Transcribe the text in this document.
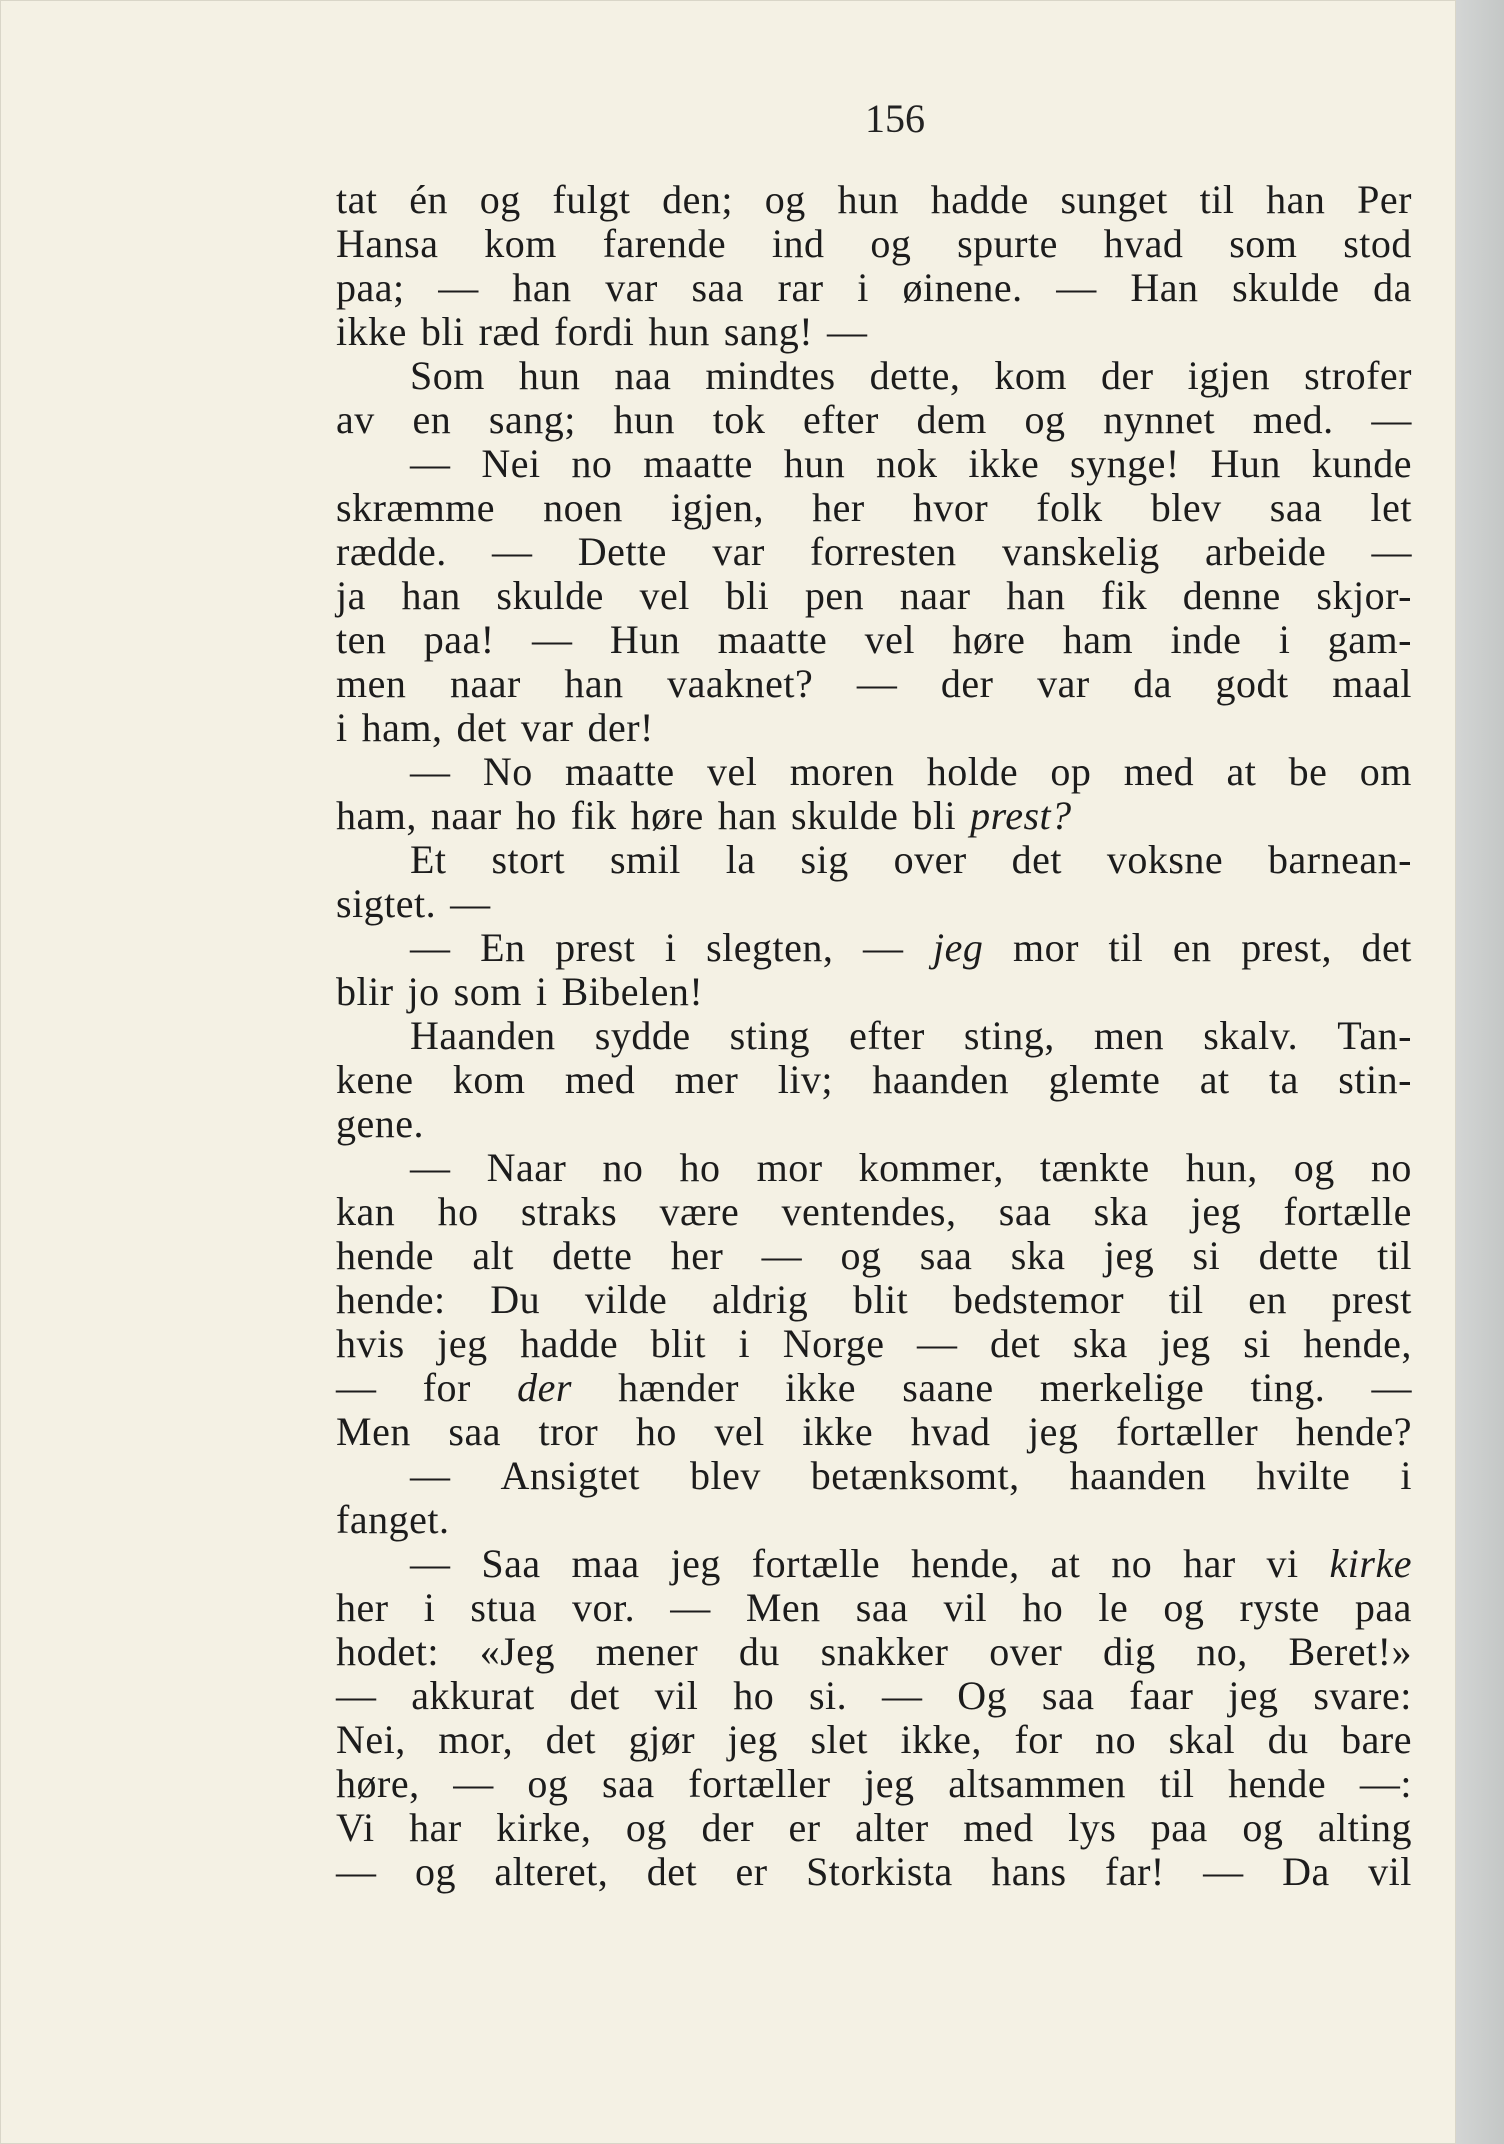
156
tat én og fulgt den; og hun hadde sunget til han Per
Hansa kom farende ind og spurte hvad som stod
paa; — han var saa rar i øinene. — Han skulde da
ikke bli ræd fordi hun sang! —
Som hun naa mindtes dette, kom der igjen strofer
av en sang; hun tok efter dem og nynnet med. —
— Nei no maatte hun nok ikke synge! Hun kunde
skræmme noen igjen, her hvor folk blev saa let
rædde. — Dette var forresten vanskelig arbeide —
ja han skulde vel bli pen naar han fik denne skjor-
ten paa! — Hun maatte vel høre ham inde i gam-
men naar han vaaknet? — der var da godt maal
i ham, det var der!
— No maatte vel moren holde op med at be om
ham, naar ho fik høre han skulde bli prest?
Et stort smil la sig over det voksne barnean-
sigtet. —
— En prest i slegten, — jeg mor til en prest, det
blir jo som i Bibelen!
Haanden sydde sting efter sting, men skalv. Tan-
kene kom med mer liv; haanden glemte at ta stin-
gene.
— Naar no ho mor kommer, tænkte hun, og no
kan ho straks være ventendes, saa ska jeg fortælle
hende alt dette her — og saa ska jeg si dette til
hende: Du vilde aldrig blit bedstemor til en prest
hvis jeg hadde blit i Norge — det ska jeg si hende,
— for der hænder ikke saane merkelige ting. —
Men saa tror ho vel ikke hvad jeg fortæller hende?
— Ansigtet blev betænksomt, haanden hvilte i
fanget.
— Saa maa jeg fortælle hende, at no har vi kirke
her i stua vor. — Men saa vil ho le og ryste paa
hodet: «Jeg mener du snakker over dig no, Beret!»
— akkurat det vil ho si. — Og saa faar jeg svare:
Nei, mor, det gjør jeg slet ikke, for no skal du bare
høre, — og saa fortæller jeg altsammen til hende —:
Vi har kirke, og der er alter med lys paa og alting
— og alteret, det er Storkista hans far! — Da vil
